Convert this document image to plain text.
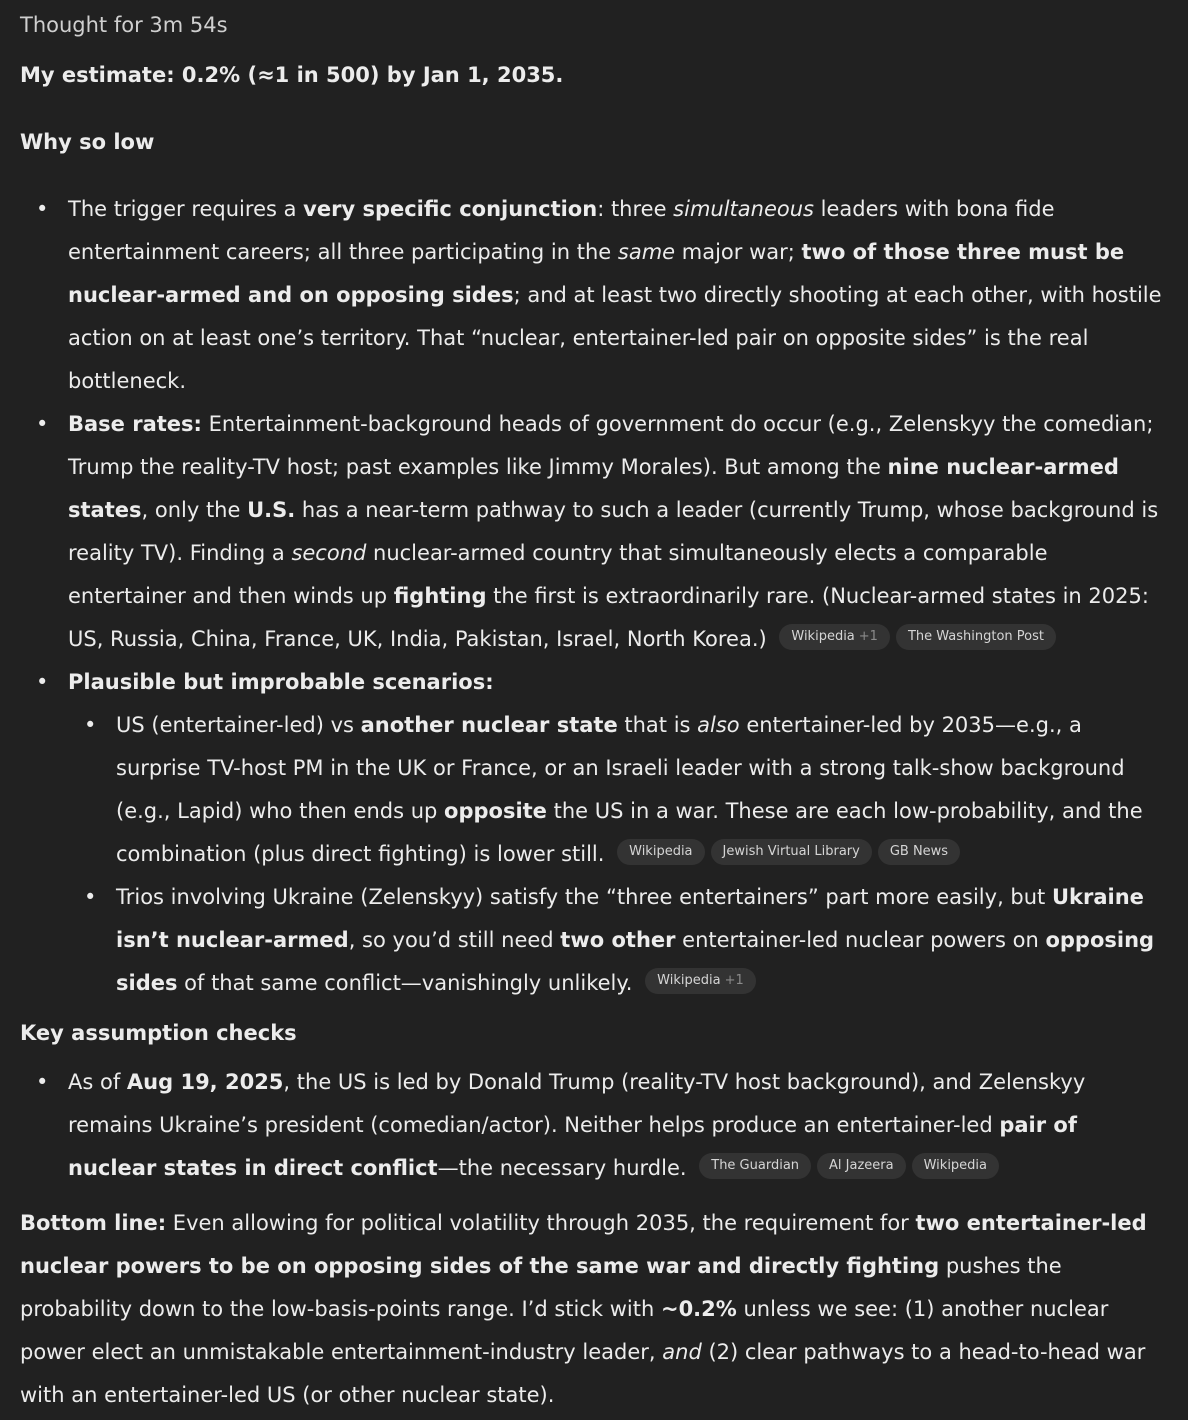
Thought for 3m 54s
My estimate: 0.2% (≈1 in 500) by Jan 1, 2035.
Why so low
• The trigger requires a very specific conjunction: three simultaneous leaders with bona fide entertainment careers; all three participating in the same major war; two of those three must be nuclear-armed and on opposing sides; and at least two directly shooting at each other, with hostile action on at least one’s territory. That “nuclear, entertainer-led pair on opposite sides” is the real bottleneck.
• Base rates: Entertainment-background heads of government do occur (e.g., Zelenskyy the comedian; Trump the reality-TV host; past examples like Jimmy Morales). But among the nine nuclear-armed states, only the U.S. has a near-term pathway to such a leader (currently Trump, whose background is reality TV). Finding a second nuclear-armed country that simultaneously elects a comparable entertainer and then winds up fighting the first is extraordinarily rare. (Nuclear-armed states in 2025: US, Russia, China, France, UK, India, Pakistan, Israel, North Korea.) Wikipedia +1 The Washington Post
• Plausible but improbable scenarios:
• US (entertainer-led) vs another nuclear state that is also entertainer-led by 2035—e.g., a surprise TV-host PM in the UK or France, or an Israeli leader with a strong talk-show background (e.g., Lapid) who then ends up opposite the US in a war. These are each low-probability, and the combination (plus direct fighting) is lower still. Wikipedia Jewish Virtual Library GB News
• Trios involving Ukraine (Zelenskyy) satisfy the “three entertainers” part more easily, but Ukraine isn’t nuclear-armed, so you’d still need two other entertainer-led nuclear powers on opposing sides of that same conflict—vanishingly unlikely. Wikipedia +1
Key assumption checks
• As of Aug 19, 2025, the US is led by Donald Trump (reality-TV host background), and Zelenskyy remains Ukraine’s president (comedian/actor). Neither helps produce an entertainer-led pair of nuclear states in direct conflict—the necessary hurdle. The Guardian Al Jazeera Wikipedia
Bottom line: Even allowing for political volatility through 2035, the requirement for two entertainer-led nuclear powers to be on opposing sides of the same war and directly fighting pushes the probability down to the low-basis-points range. I’d stick with ~0.2% unless we see: (1) another nuclear power elect an unmistakable entertainment-industry leader, and (2) clear pathways to a head-to-head war with an entertainer-led US (or other nuclear state).
